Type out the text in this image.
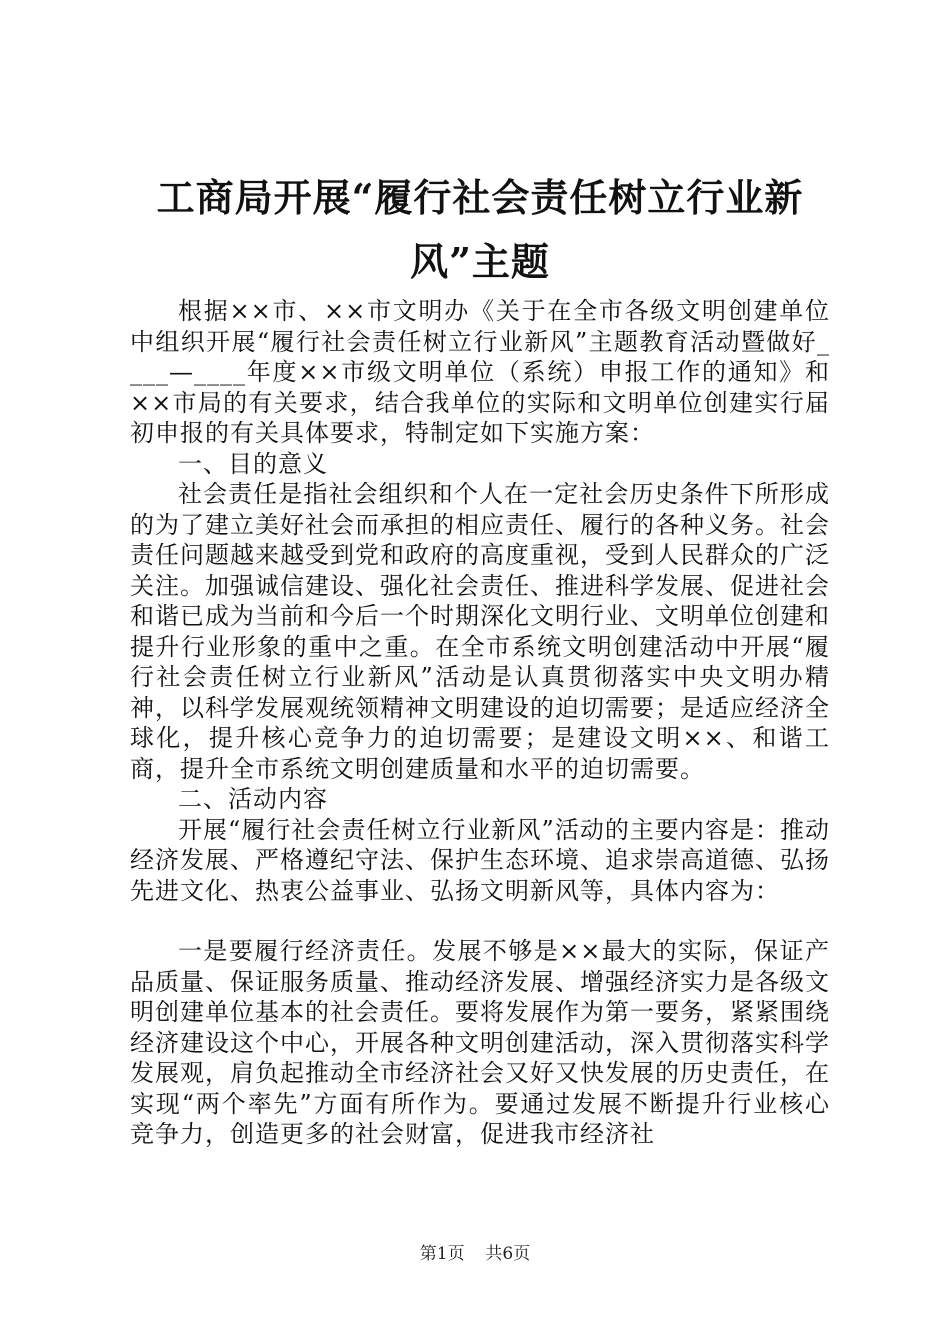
工商局开展“履行社会责任树立行业新风”主题

根据××市、××市文明办《关于在全市各级文明创建单位中组织开展“履行社会责任树立行业新风”主题教育活动暨做好____—____年度××市级文明单位（系统）申报工作的通知》和××市局的有关要求，结合我单位的实际和文明单位创建实行届初申报的有关具体要求，特制定如下实施方案：

一、目的意义

社会责任是指社会组织和个人在一定社会历史条件下所形成的为了建立美好社会而承担的相应责任、履行的各种义务。社会责任问题越来越受到党和政府的高度重视，受到人民群众的广泛关注。加强诚信建设、强化社会责任、推进科学发展、促进社会和谐已成为当前和今后一个时期深化文明行业、文明单位创建和提升行业形象的重中之重。在全市系统文明创建活动中开展“履行社会责任树立行业新风”活动是认真贯彻落实中央文明办精神，以科学发展观统领精神文明建设的迫切需要；是适应经济全球化，提升核心竞争力的迫切需要；是建设文明××、和谐工商，提升全市系统文明创建质量和水平的迫切需要。

二、活动内容

开展“履行社会责任树立行业新风”活动的主要内容是：推动经济发展、严格遵纪守法、保护生态环境、追求崇高道德、弘扬先进文化、热衷公益事业、弘扬文明新风等，具体内容为：

一是要履行经济责任。发展不够是××最大的实际，保证产品质量、保证服务质量、推动经济发展、增强经济实力是各级文明创建单位基本的社会责任。要将发展作为第一要务，紧紧围绕经济建设这个中心，开展各种文明创建活动，深入贯彻落实科学发展观，肩负起推动全市经济社会又好又快发展的历史责任，在实现“两个率先”方面有所作为。要通过发展不断提升行业核心竞争力，创造更多的社会财富，促进我市经济社

第1页 共6页
